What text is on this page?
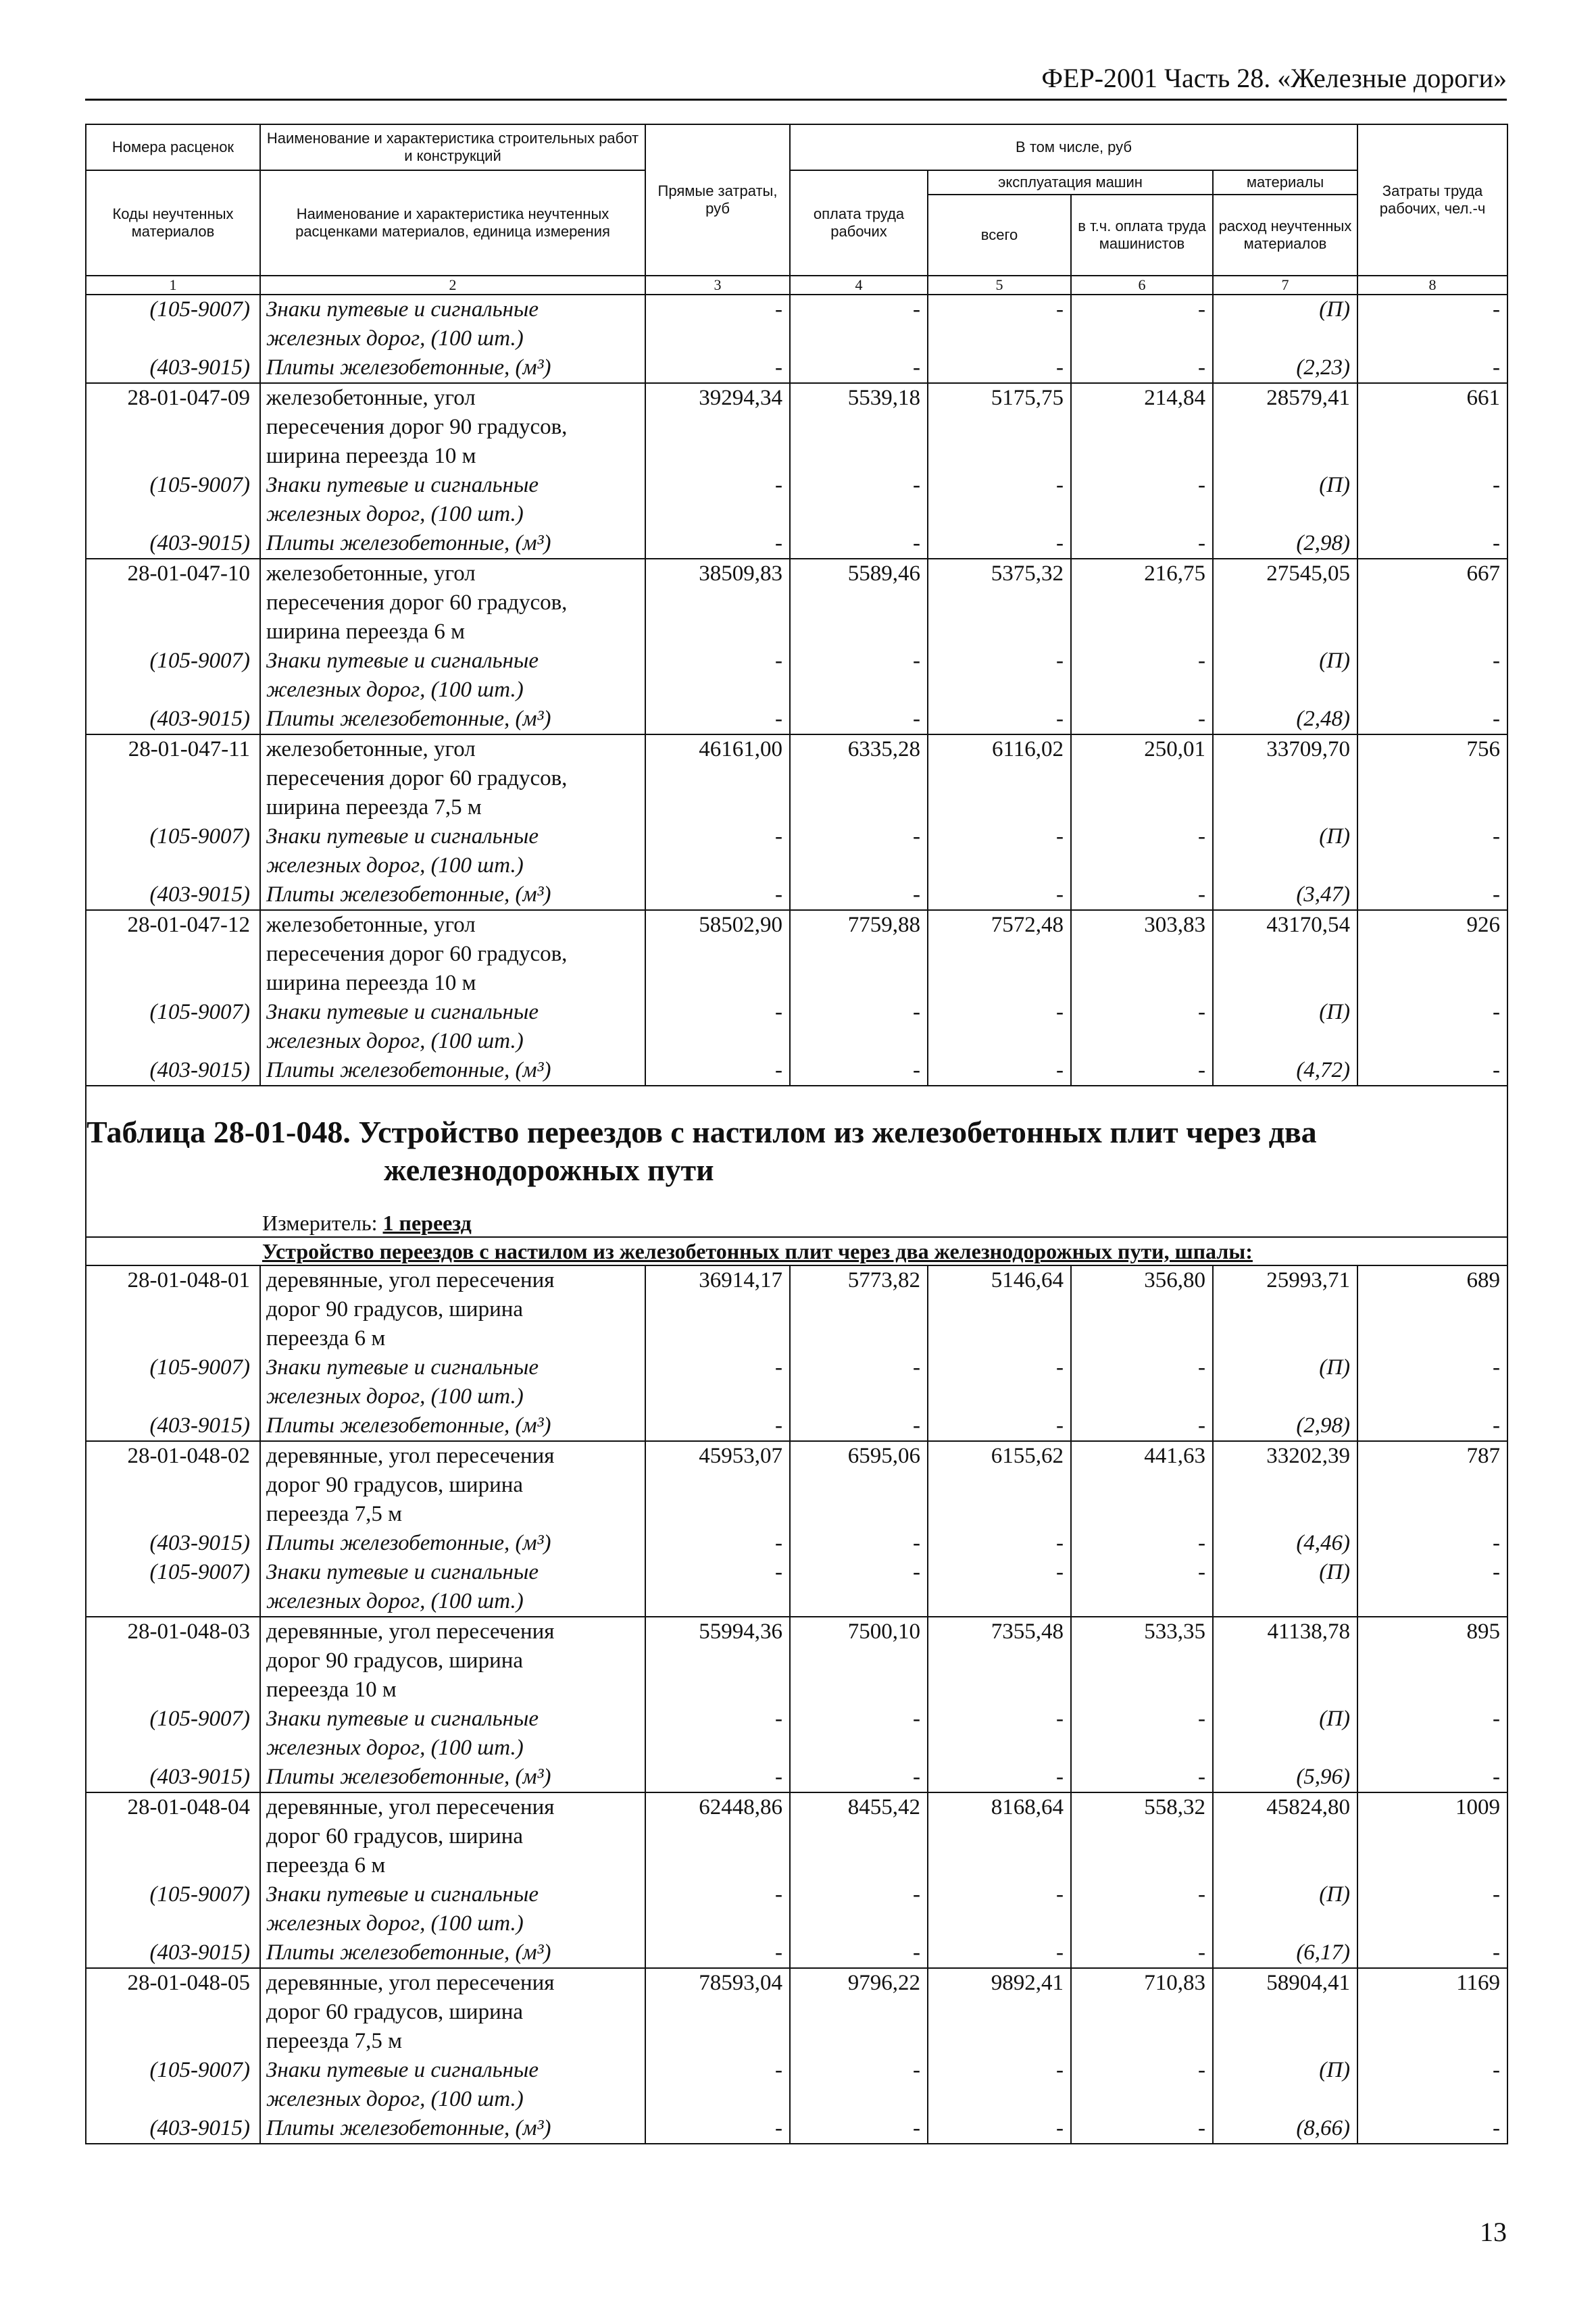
ФЕР-2001 Часть 28. «Железные дороги»
Номера расценок	Наименование и характеристика строительных работ и конструкций	Прямые затраты, руб	В том числе, руб				Затраты труда рабочих, чел.-ч
Коды неучтенных материалов	Наименование и характеристика неучтенных расценками материалов, единица измерения		оплата труда рабочих	эксплуатация машин		материалы	
				всего	в т.ч. оплата труда машинистов	расход неучтенных материалов	
1	2	3	4	5	6	7	8
(105-9007)	Знаки путевые и сигнальные	-	-	-	-	(П)	-
	железных дорог, (100 шт.)						
(403-9015)	Плиты железобетонные, (м³)	-	-	-	-	(2,23)	-
28-01-047-09	железобетонные, угол	39294,34	5539,18	5175,75	214,84	28579,41	661
	пересечения дорог 90 градусов,						
	ширина переезда 10 м						
(105-9007)	Знаки путевые и сигнальные	-	-	-	-	(П)	-
	железных дорог, (100 шт.)						
(403-9015)	Плиты железобетонные, (м³)	-	-	-	-	(2,98)	-
28-01-047-10	железобетонные, угол	38509,83	5589,46	5375,32	216,75	27545,05	667
	пересечения дорог 60 градусов,						
	ширина переезда 6 м						
(105-9007)	Знаки путевые и сигнальные	-	-	-	-	(П)	-
	железных дорог, (100 шт.)						
(403-9015)	Плиты железобетонные, (м³)	-	-	-	-	(2,48)	-
28-01-047-11	железобетонные, угол	46161,00	6335,28	6116,02	250,01	33709,70	756
	пересечения дорог 60 градусов,						
	ширина переезда 7,5 м						
(105-9007)	Знаки путевые и сигнальные	-	-	-	-	(П)	-
	железных дорог, (100 шт.)						
(403-9015)	Плиты железобетонные, (м³)	-	-	-	-	(3,47)	-
28-01-047-12	железобетонные, угол	58502,90	7759,88	7572,48	303,83	43170,54	926
	пересечения дорог 60 градусов,						
	ширина переезда 10 м						
(105-9007)	Знаки путевые и сигнальные	-	-	-	-	(П)	-
	железных дорог, (100 шт.)						
(403-9015)	Плиты железобетонные, (м³)	-	-	-	-	(4,72)	-

Таблица 28-01-048. Устройство переездов с настилом из железобетонных плит через два
железнодорожных пути							

Измеритель: 1 переезд							
Устройство переездов с настилом из железобетонных плит через два железнодорожных пути, шпалы:							
28-01-048-01	деревянные, угол пересечения	36914,17	5773,82	5146,64	356,80	25993,71	689
	дорог 90 градусов, ширина						
	переезда 6 м						
(105-9007)	Знаки путевые и сигнальные	-	-	-	-	(П)	-
	железных дорог, (100 шт.)						
(403-9015)	Плиты железобетонные, (м³)	-	-	-	-	(2,98)	-
28-01-048-02	деревянные, угол пересечения	45953,07	6595,06	6155,62	441,63	33202,39	787
	дорог 90 градусов, ширина						
	переезда 7,5 м						
(403-9015)	Плиты железобетонные, (м³)	-	-	-	-	(4,46)	-
(105-9007)	Знаки путевые и сигнальные	-	-	-	-	(П)	-
	железных дорог, (100 шт.)						
28-01-048-03	деревянные, угол пересечения	55994,36	7500,10	7355,48	533,35	41138,78	895
	дорог 90 градусов, ширина						
	переезда 10 м						
(105-9007)	Знаки путевые и сигнальные	-	-	-	-	(П)	-
	железных дорог, (100 шт.)						
(403-9015)	Плиты железобетонные, (м³)	-	-	-	-	(5,96)	-
28-01-048-04	деревянные, угол пересечения	62448,86	8455,42	8168,64	558,32	45824,80	1009
	дорог 60 градусов, ширина						
	переезда 6 м						
(105-9007)	Знаки путевые и сигнальные	-	-	-	-	(П)	-
	железных дорог, (100 шт.)						
(403-9015)	Плиты железобетонные, (м³)	-	-	-	-	(6,17)	-
28-01-048-05	деревянные, угол пересечения	78593,04	9796,22	9892,41	710,83	58904,41	1169
	дорог 60 градусов, ширина						
	переезда 7,5 м						
(105-9007)	Знаки путевые и сигнальные	-	-	-	-	(П)	-
	железных дорог, (100 шт.)						
(403-9015)	Плиты железобетонные, (м³)	-	-	-	-	(8,66)	-
13
